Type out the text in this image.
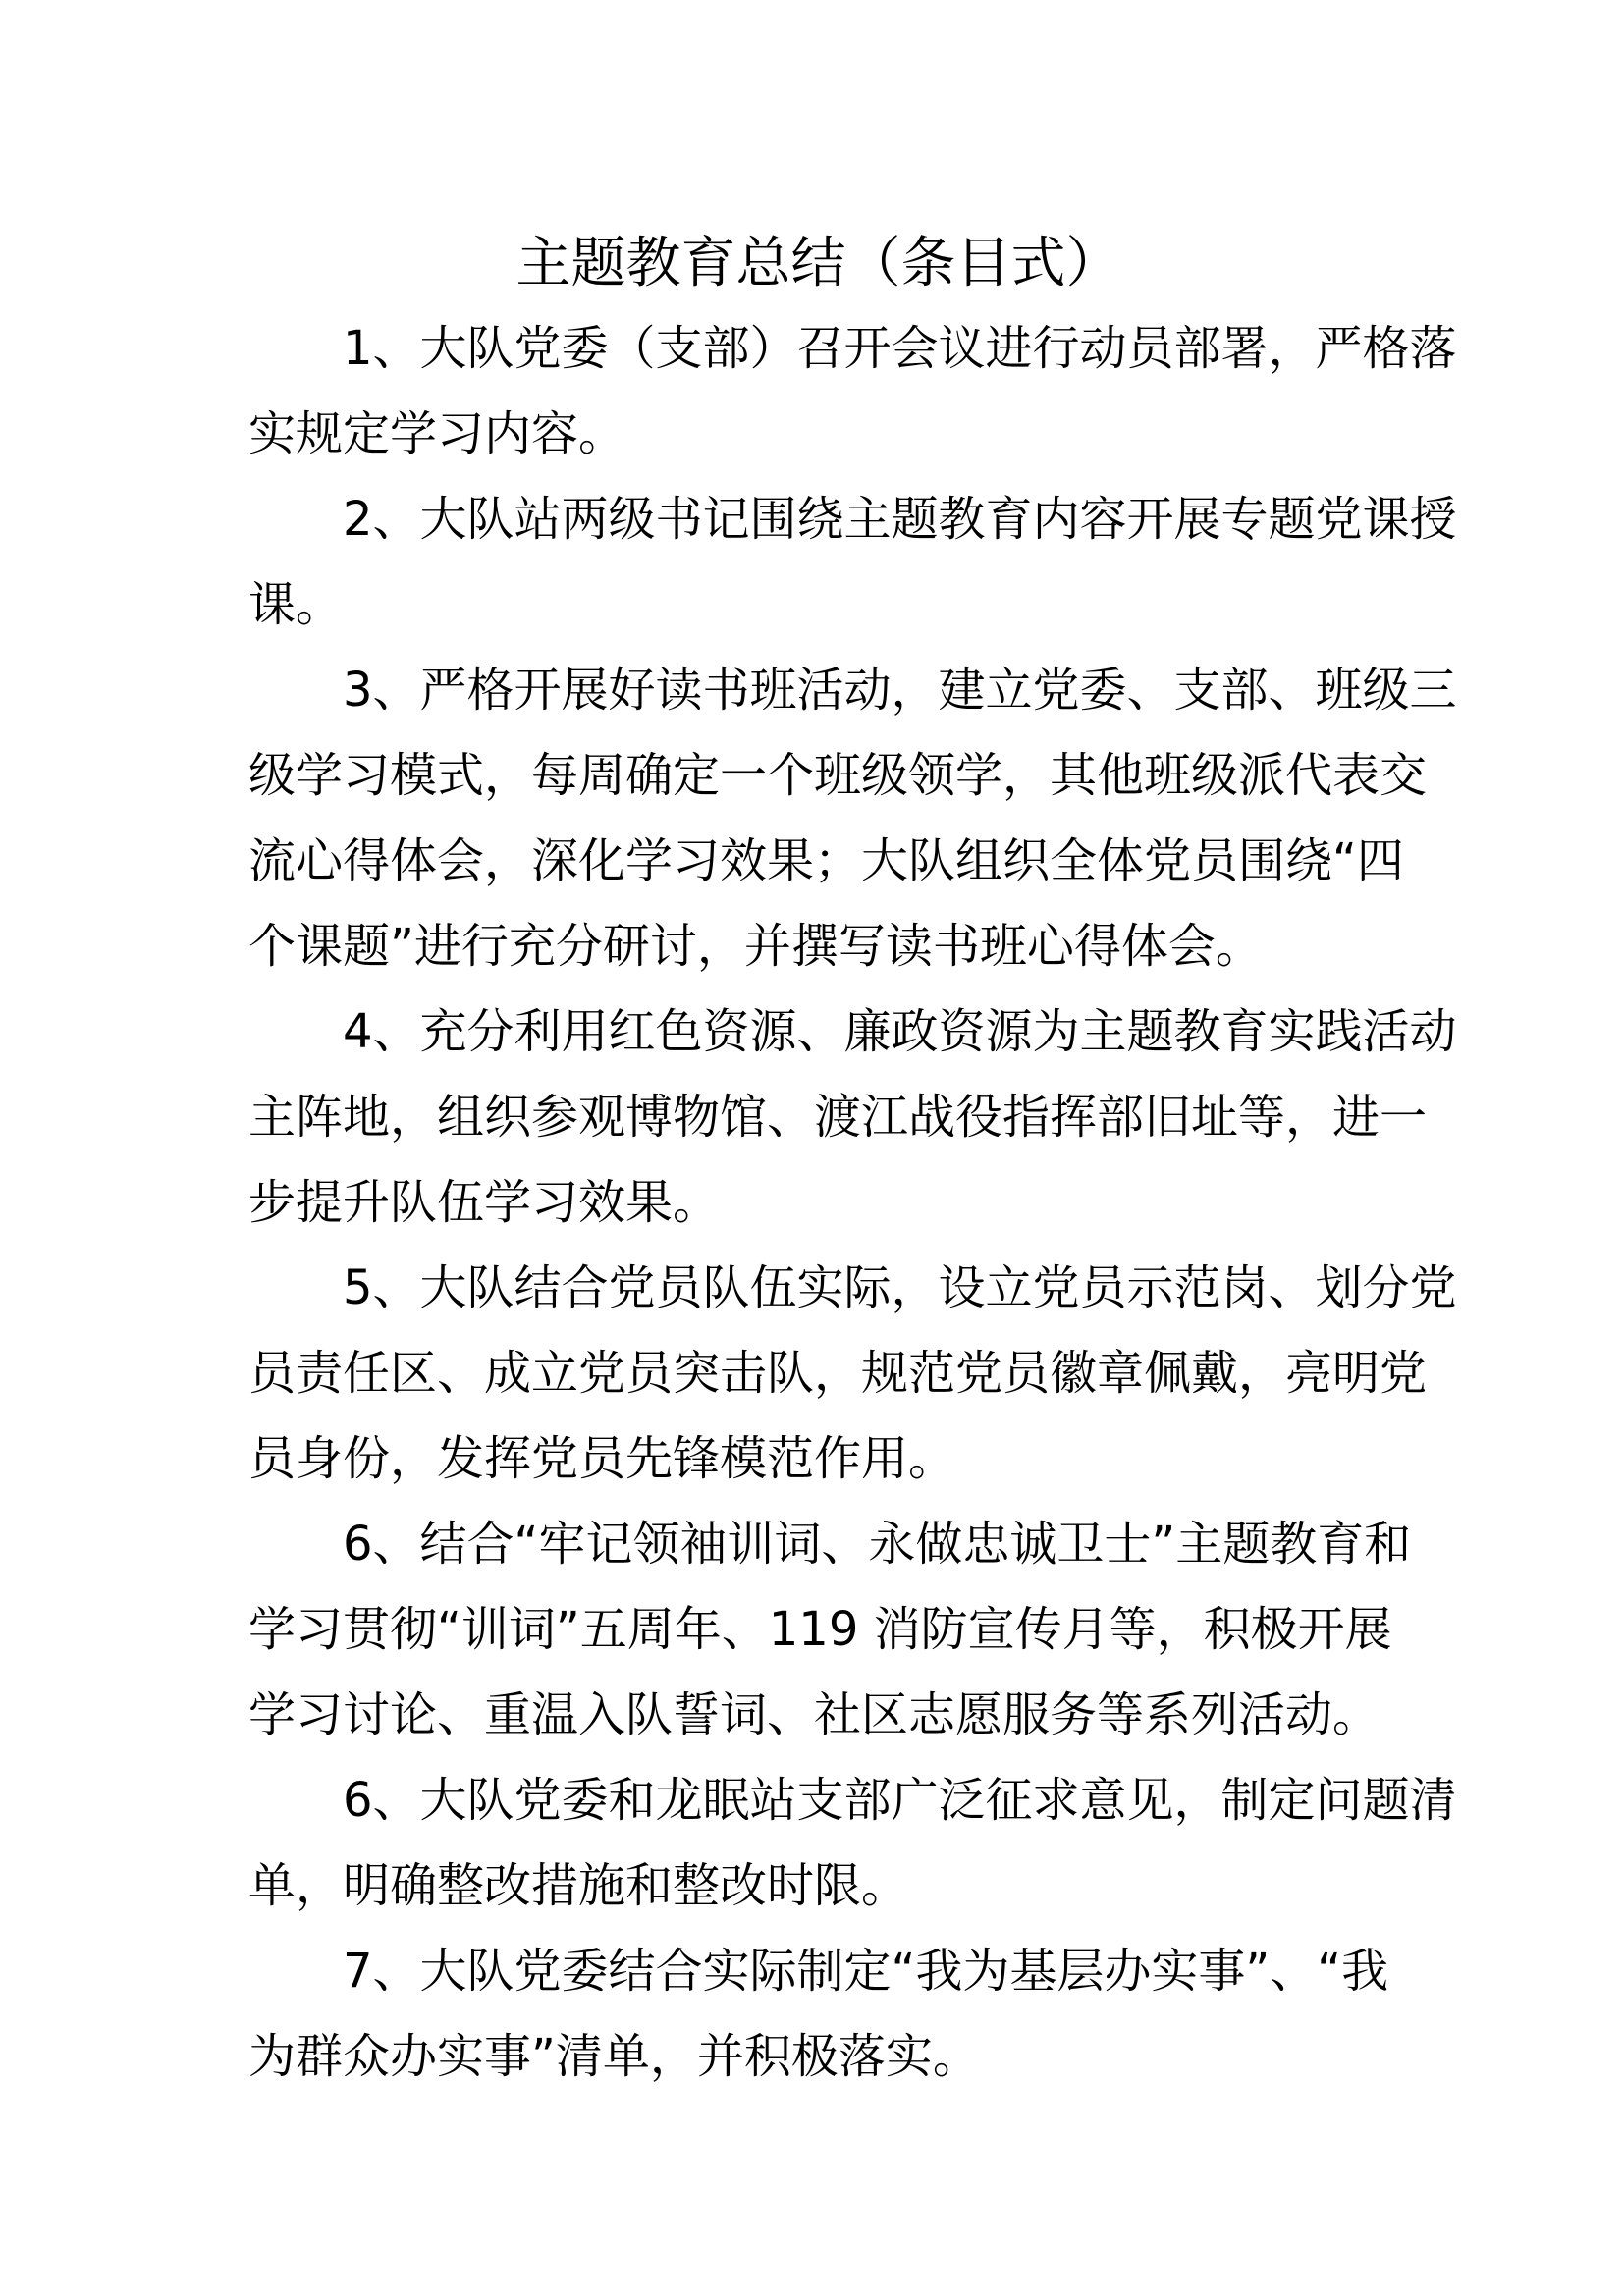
主题教育总结（条目式）
1、大队党委（支部）召开会议进行动员部署，严格落
实规定学习内容。
2、大队站两级书记围绕主题教育内容开展专题党课授
课。
3、严格开展好读书班活动，建立党委、支部、班级三
级学习模式，每周确定一个班级领学，其他班级派代表交
流心得体会，深化学习效果；大队组织全体党员围绕“四
个课题”进行充分研讨，并撰写读书班心得体会。
4、充分利用红色资源、廉政资源为主题教育实践活动
主阵地，组织参观博物馆、渡江战役指挥部旧址等，进一
步提升队伍学习效果。
5、大队结合党员队伍实际，设立党员示范岗、划分党
员责任区、成立党员突击队，规范党员徽章佩戴，亮明党
员身份，发挥党员先锋模范作用。
6、结合“牢记领袖训词、永做忠诚卫士”主题教育和
学习贯彻“训词”五周年、119 消防宣传月等，积极开展
学习讨论、重温入队誓词、社区志愿服务等系列活动。
6、大队党委和龙眠站支部广泛征求意见，制定问题清
单，明确整改措施和整改时限。
7、大队党委结合实际制定“我为基层办实事”、“我
为群众办实事”清单，并积极落实。
